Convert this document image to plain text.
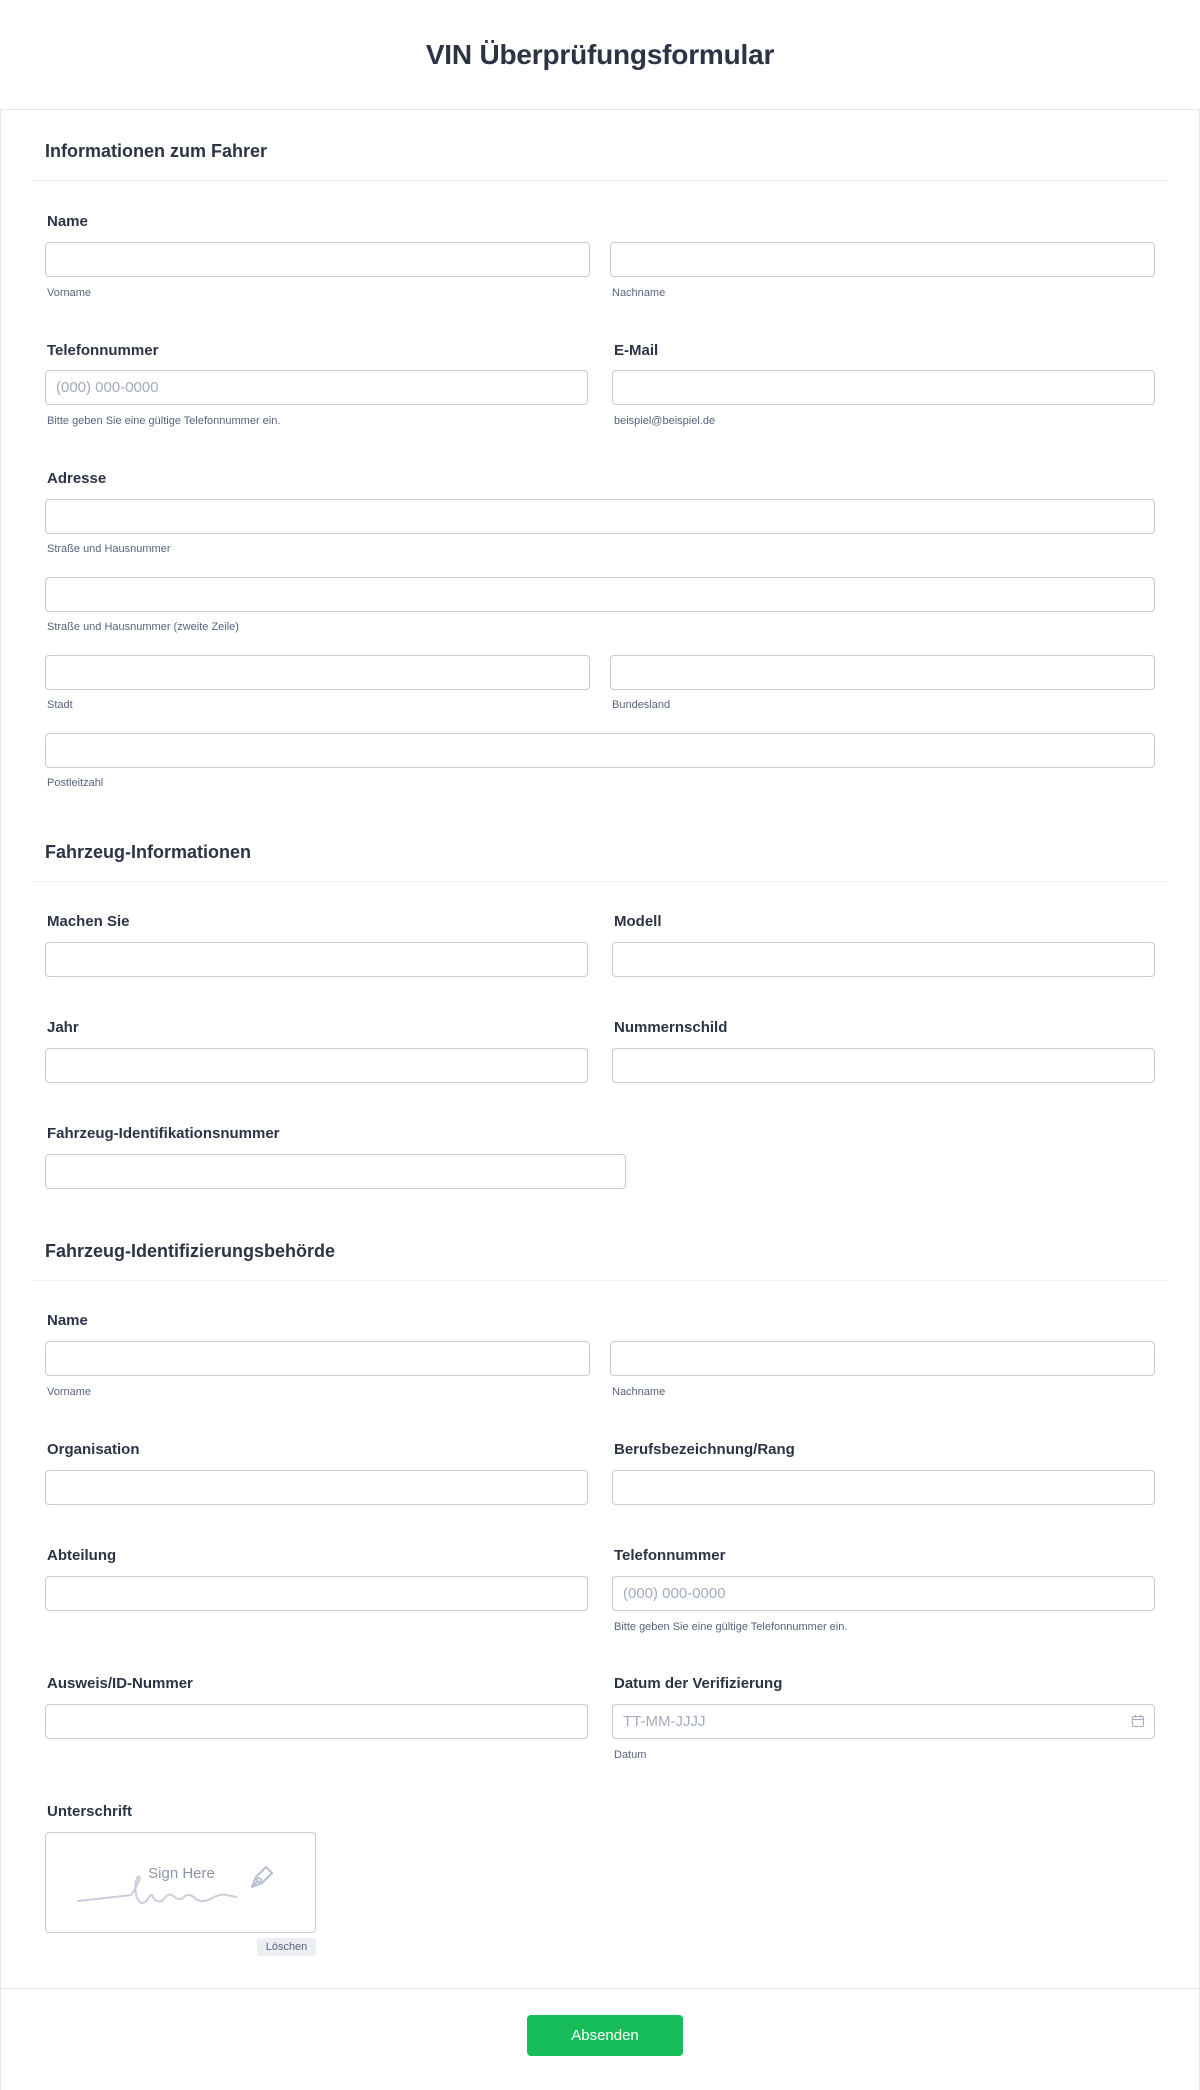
VIN Überprüfungsformular
Informationen zum Fahrer
Name
Vorname	Nachname
Telefonnummer
(000) 000-0000
Bitte geben Sie eine gültige Telefonnummer ein.
E-Mail
beispiel@beispiel.de
Adresse
Straße und Hausnummer
Straße und Hausnummer (zweite Zeile)
Stadt	Bundesland
Postleitzahl
Fahrzeug-Informationen
Machen Sie	Modell
Jahr	Nummernschild
Fahrzeug-Identifikationsnummer
Fahrzeug-Identifizierungsbehörde
Name
Vorname	Nachname
Organisation	Berufsbezeichnung/Rang
Abteilung	Telefonnummer
(000) 000-0000
Bitte geben Sie eine gültige Telefonnummer ein.
Ausweis/ID-Nummer	Datum der Verifizierung
TT-MM-JJJJ
Datum
Unterschrift
Sign Here
Löschen
Absenden
